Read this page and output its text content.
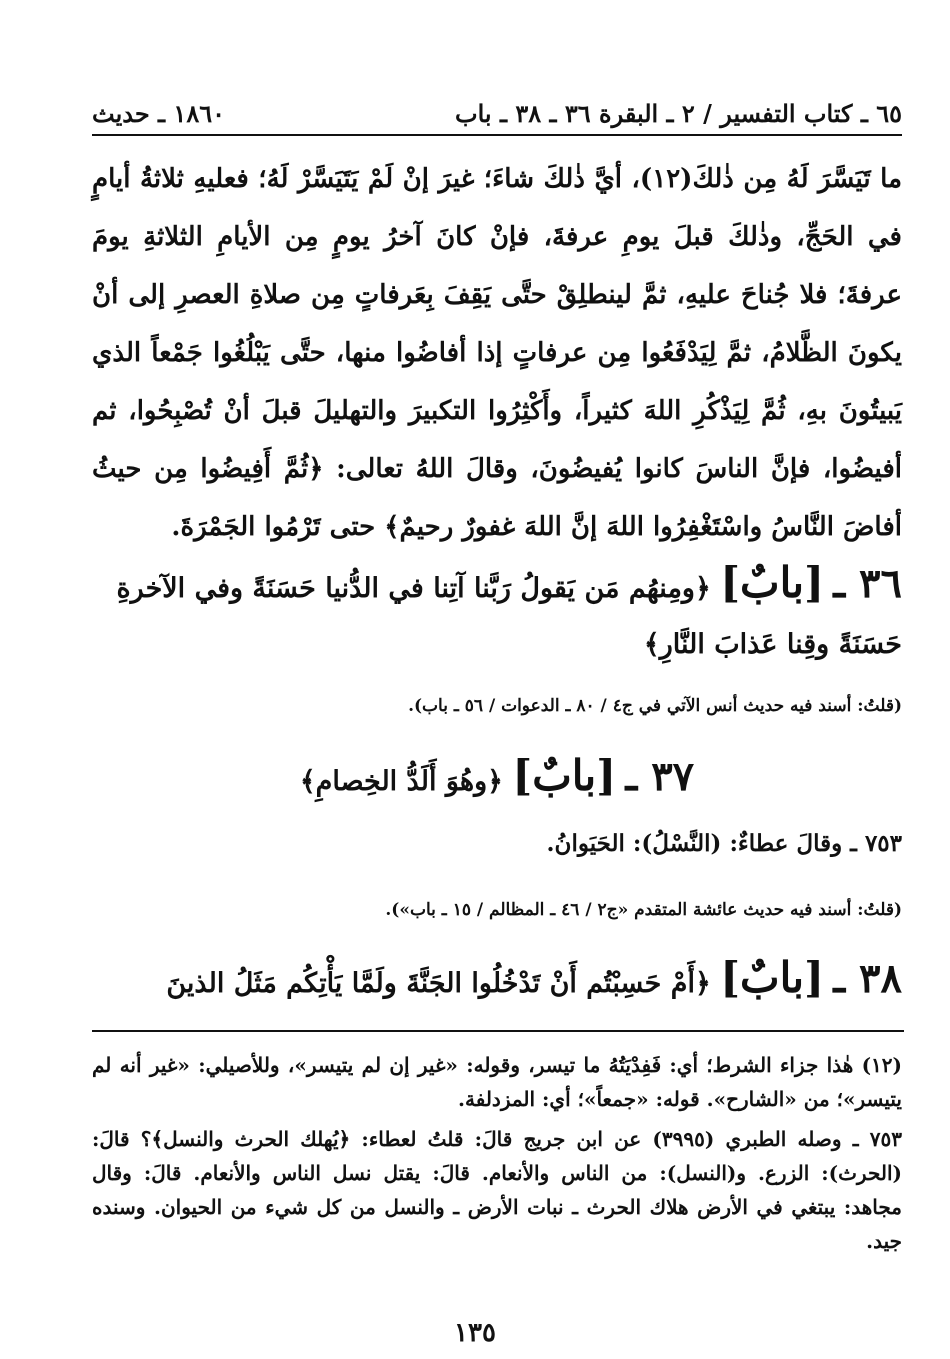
٦٥ ـ كتاب التفسير / ٢ ـ البقرة ٣٦ ـ ٣٨ ـ باب
١٨٦٠ ـ حديث

ما تَيَسَّرَ لَهُ مِن ذٰلكَ(١٢)، أيَّ ذٰلكَ شاءَ؛ غيرَ إنْ لَمْ يَتَيَسَّرْ لَهُ؛ فعليهِ ثلاثةُ أيامٍ في الحَجِّ، وذٰلكَ قبلَ يومِ عرفةَ، فإنْ كانَ آخرُ يومٍ مِن الأيامِ الثلاثةِ يومَ عرفةَ؛ فلا جُناحَ عليهِ، ثمَّ لينطلِقْ حتَّى يَقِفَ بِعَرفاتٍ مِن صلاةِ العصرِ إلى أنْ يكونَ الظَّلامُ، ثمَّ لِيَدْفَعُوا مِن عرفاتٍ إذا أفاضُوا منها، حتَّى يَبْلُغُوا جَمْعاً الذي يَبيتُونَ بهِ، ثُمَّ لِيَذْكُرِ اللهَ كثيراً، وأَكْثِرُوا التكبيرَ والتهليلَ قبلَ أنْ تُصْبِحُوا، ثم أفيضُوا، فإنَّ الناسَ كانوا يُفيضُونَ، وقالَ اللهُ تعالى: ﴿ثُمَّ أَفِيضُوا مِن حيثُ أفاضَ النَّاسُ واسْتَغْفِرُوا اللهَ إنَّ اللهَ غفورٌ رحيمٌ﴾ حتى تَرْمُوا الجَمْرَةَ.

٣٦ ـ [بابٌ] ﴿ومِنهُم مَن يَقولُ رَبَّنا آتِنا في الدُّنيا حَسَنَةً وفي الآخرةِ حَسَنَةً وقِنا عَذابَ النَّارِ﴾
(قلتُ: أسند فيه حديث أنس الآتي في ج٤ / ٨٠ ـ الدعوات / ٥٦ ـ باب).
٣٧ ـ [بابٌ] ﴿وهُوَ أَلَدُّ الخِصامِ﴾
٧٥٣ ـ وقالَ عطاءٌ: (النَّسْلُ): الحَيَوانُ.
(قلتُ: أسند فيه حديث عائشة المتقدم «ج٢ / ٤٦ ـ المظالم / ١٥ ـ باب»).
٣٨ ـ [بابٌ] ﴿أَمْ حَسِبْتُم أَنْ تَدْخُلُوا الجَنَّةَ ولَمَّا يَأْتِكُم مَثَلُ الذينَ

(١٢) هٰذا جزاء الشرط؛ أي: فَفِدْيَتُهُ ما تيسر، وقوله: «غير إن لم يتيسر»، وللأصيلي: «غير أنه لم يتيسر»؛ من «الشارح». قوله: «جمعاً»؛ أي: المزدلفة.

٧٥٣ ـ وصله الطبري (٣٩٩٥) عن ابن جريج قالَ: قلتُ لعطاء: ﴿يُهلك الحرث والنسل﴾؟ قالَ: (الحرث): الزرع. و(النسل): من الناس والأنعام. قالَ: يقتل نسل الناس والأنعام. قالَ: وقال مجاهد: يبتغي في الأرض هلاك الحرث ـ نبات الأرض ـ والنسل من كل شيء من الحيوان. وسنده جيد.

١٣٥
